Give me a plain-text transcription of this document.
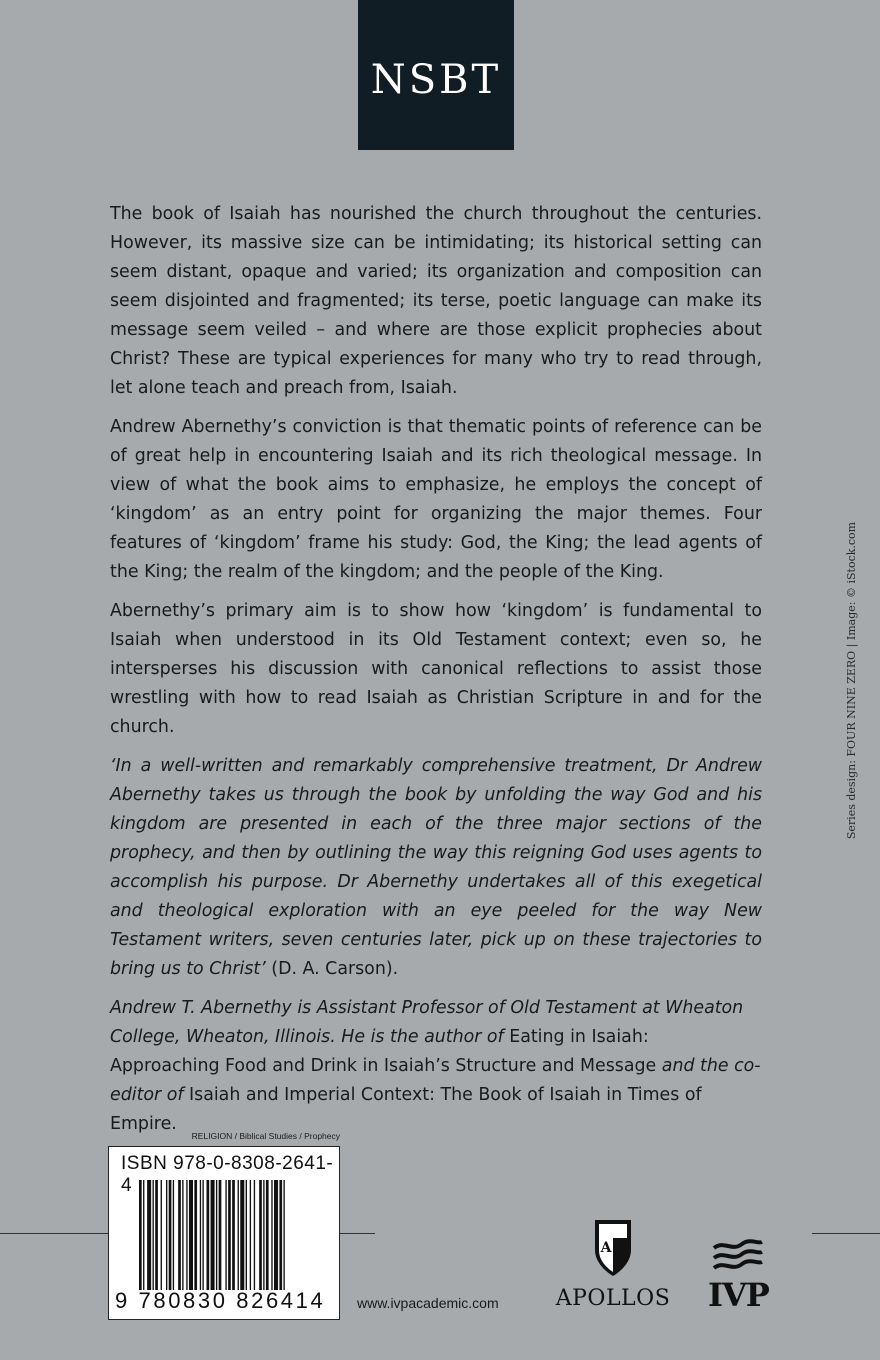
NSBT

The book of Isaiah has nourished the church throughout the centuries. However, its massive size can be intimidating; its historical setting can seem distant, opaque and varied; its organization and composition can seem disjointed and fragmented; its terse, poetic language can make its message seem veiled – and where are those explicit prophecies about Christ? These are typical experiences for many who try to read through, let alone teach and preach from, Isaiah.

Andrew Abernethy’s conviction is that thematic points of reference can be of great help in encountering Isaiah and its rich theological message. In view of what the book aims to emphasize, he employs the concept of ‘kingdom’ as an entry point for organizing the major themes. Four features of ‘kingdom’ frame his study: God, the King; the lead agents of the King; the realm of the kingdom; and the people of the King.

Abernethy’s primary aim is to show how ‘kingdom’ is fundamental to Isaiah when understood in its Old Testament context; even so, he intersperses his discussion with canonical reflections to assist those wrestling with how to read Isaiah as Christian Scripture in and for the church.

‘In a well-written and remarkably comprehensive treatment, Dr Andrew Abernethy takes us through the book by unfolding the way God and his kingdom are presented in each of the three major sections of the prophecy, and then by outlining the way this reigning God uses agents to accomplish his purpose. Dr Abernethy undertakes all of this exegetical and theological exploration with an eye peeled for the way New Testament writers, seven centuries later, pick up on these trajectories to bring us to Christ’ (D. A. Carson).

Andrew T. Abernethy is Assistant Professor of Old Testament at Wheaton College, Wheaton, Illinois. He is the author of Eating in Isaiah: Approaching Food and Drink in Isaiah’s Structure and Message and the co-editor of Isaiah and Imperial Context: The Book of Isaiah in Times of Empire.

Series design: FOUR NINE ZERO | Image: © iStock.com
RELIGION / Biblical Studies / Prophecy
ISBN 978-0-8308-2641-4
9 780830 826414	www.ivpacademic.com
A
APOLLOS IVP
